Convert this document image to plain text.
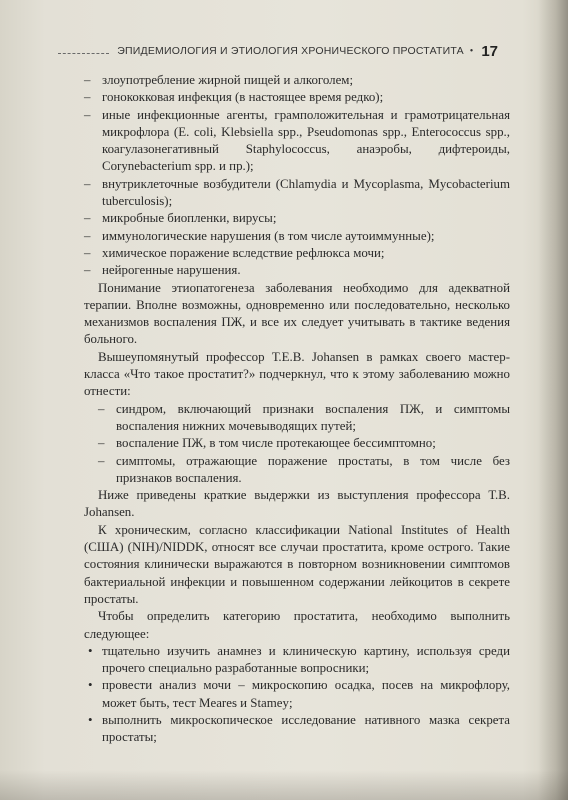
ЭПИДЕМИОЛОГИЯ И ЭТИОЛОГИЯ ХРОНИЧЕСКОГО ПРОСТАТИТА • 17
– злоупотребление жирной пищей и алкоголем;
– гонококковая инфекция (в настоящее время редко);
– иные инфекционные агенты, грамположительная и грамотрицательная микрофлора (E. coli, Klebsiella spp., Pseudomonas spp., Enterococcus spp., коагулазонегативный Staphylococcus, анаэробы, дифтероиды, Corynebacterium spp. и пр.);
– внутриклеточные возбудители (Chlamydia и Mycoplasma, Mycobacterium tuberculosis);
– микробные биопленки, вирусы;
– иммунологические нарушения (в том числе аутоиммунные);
– химическое поражение вследствие рефлюкса мочи;
– нейрогенные нарушения.

Понимание этиопатогенеза заболевания необходимо для адекватной терапии. Вполне возможны, одновременно или последовательно, несколько механизмов воспаления ПЖ, и все их следует учитывать в тактике ведения больного.

Вышеупомянутый профессор Т.Е.В. Johansen в рамках своего мастер-класса «Что такое простатит?» подчеркнул, что к этому заболеванию можно отнести:

– синдром, включающий признаки воспаления ПЖ, и симптомы воспаления нижних мочевыводящих путей;
– воспаление ПЖ, в том числе протекающее бессимптомно;
– симптомы, отражающие поражение простаты, в том числе без признаков воспаления.

Ниже приведены краткие выдержки из выступления профессора Т.В. Johansen.

К хроническим, согласно классификации National Institutes of Health (США) (NIH)/NIDDK, относят все случаи простатита, кроме острого. Такие состояния клинически выражаются в повторном возникновении симптомов бактериальной инфекции и повышенном содержании лейкоцитов в секрете простаты.

Чтобы определить категорию простатита, необходимо выполнить следующее:

• тщательно изучить анамнез и клиническую картину, используя среди прочего специально разработанные вопросники;
• провести анализ мочи – микроскопию осадка, посев на микрофлору, может быть, тест Meares и Stamey;
• выполнить микроскопическое исследование нативного мазка секрета простаты;
